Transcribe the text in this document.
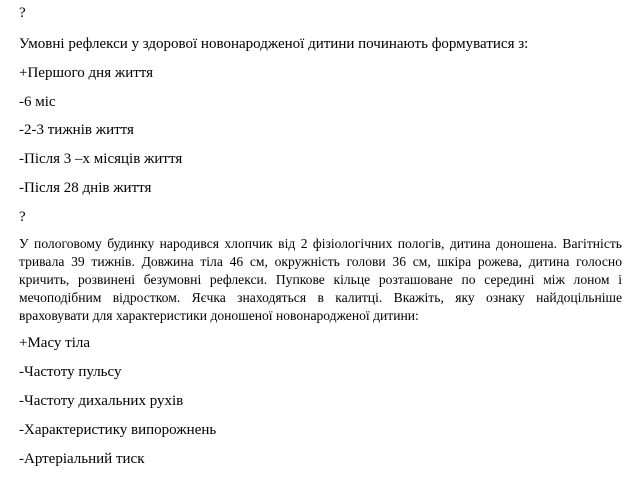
?
Умовні рефлекси у здорової новонародженої дитини починають формуватися з:
+Першого дня життя
-6 міс
-2-3 тижнів життя
-Після 3 –х місяців життя
-Після 28 днів життя
?
У пологовому будинку народився хлопчик від 2 фізіологічних пологів, дитина доношена. Вагітність тривала 39 тижнів. Довжина тіла 46 см, окружність голови 36 см, шкіра рожева, дитина голосно кричить, розвинені безумовні рефлекси. Пупкове кільце розташоване по середині між лоном і мечоподібним відростком. Яєчка знаходяться в калитці. Вкажіть, яку ознаку найдоцільніше враховувати для характеристики доношеної новонародженої дитини:
+Масу тіла
-Частоту пульсу
-Частоту дихальних рухів
-Характеристику випорожнень
-Артеріальний тиск
